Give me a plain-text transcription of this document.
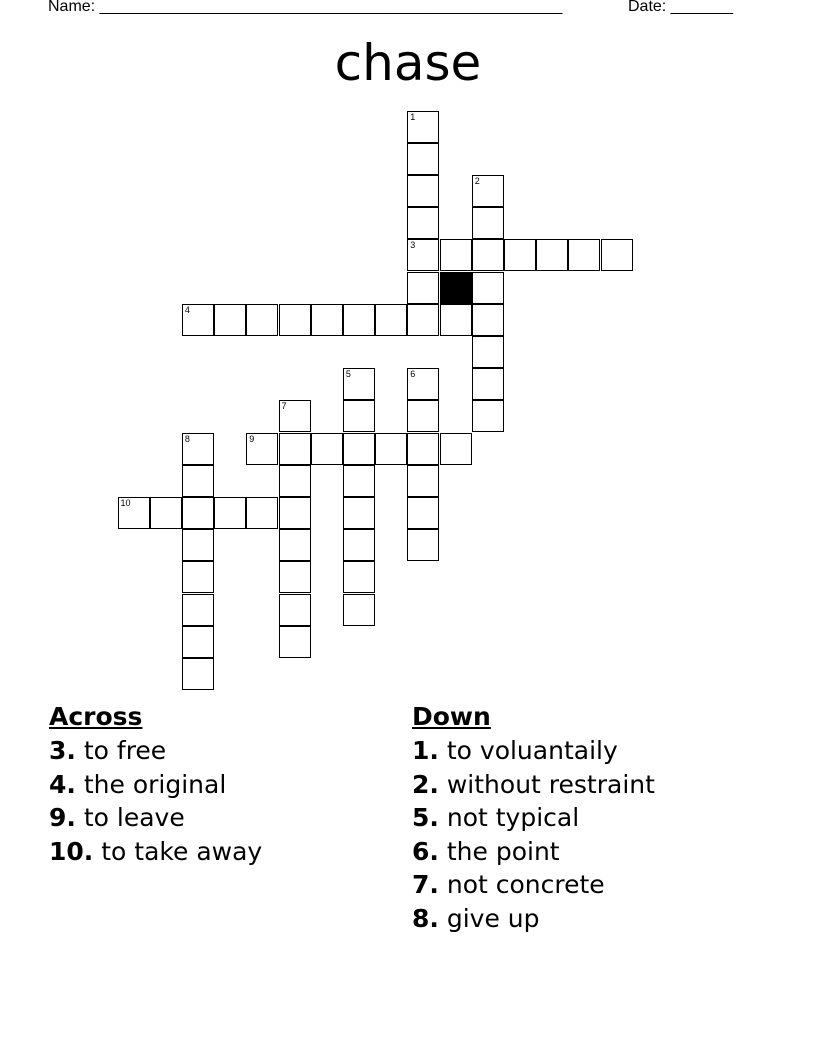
Name: ____________________________________________________	Date: _______
chase
1
3
2
4
5	6
7
8	9
10
Across
3. to free
4. the original
9. to leave
10. to take away
Down
1. to voluantaily
2. without restraint
5. not typical
6. the point
7. not concrete
8. give up
